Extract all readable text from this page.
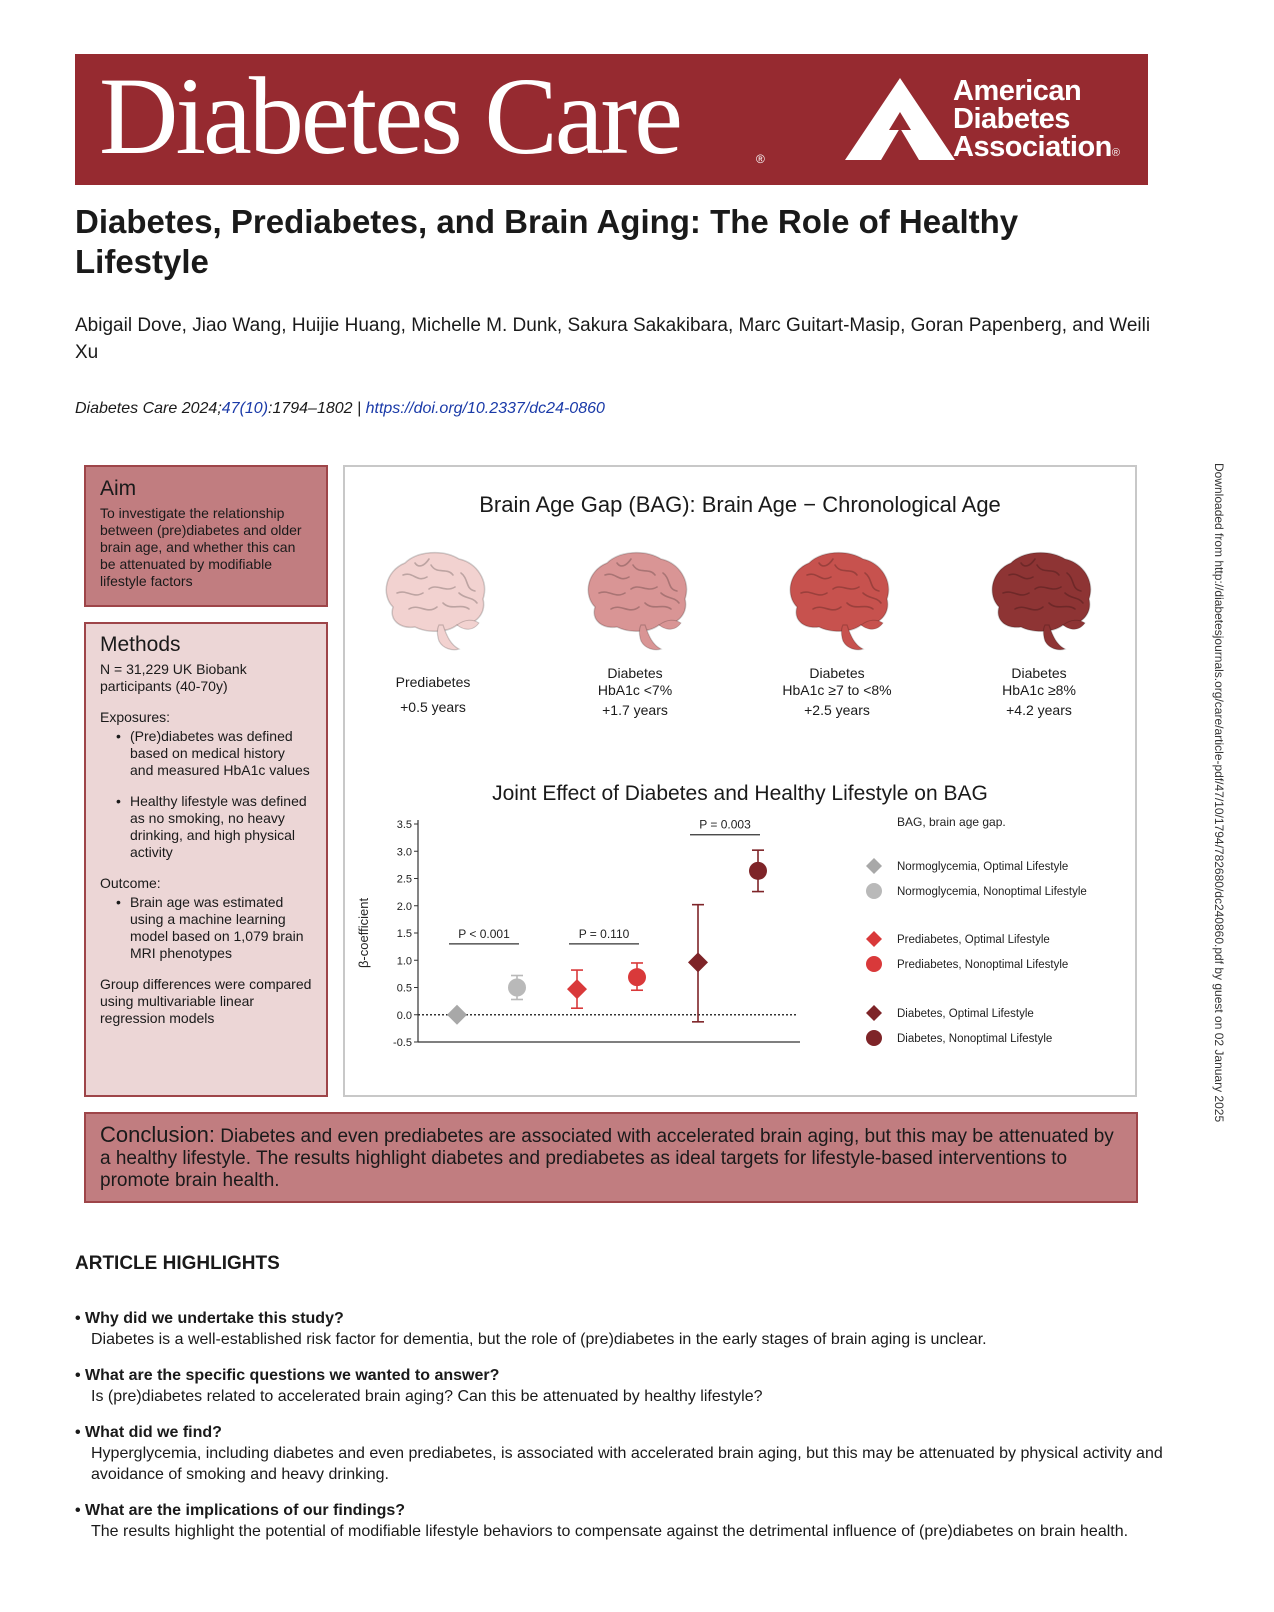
Diabetes Care	®
American
Diabetes
Association®
Diabetes, Prediabetes, and Brain Aging: The Role of Healthy Lifestyle
Abigail Dove, Jiao Wang, Huijie Huang, Michelle M. Dunk, Sakura Sakakibara, Marc Guitart-Masip, Goran Papenberg, and Weili Xu
Diabetes Care 2024;47(10):1794–1802 | https://doi.org/10.2337/dc24-0860
Downloaded from http://diabetesjournals.org/care/article-pdf/47/10/1794/782680/dc240860.pdf by guest on 02 January 2025
Aim
To investigate the relationship between (pre)diabetes and older brain age, and whether this can be attenuated by modifiable lifestyle factors
Methods

N = 31,229 UK Biobank participants (40-70y)

Exposures:
• (Pre)diabetes was defined based on medical history and measured HbA1c values
• Healthy lifestyle was defined as no smoking, no heavy drinking, and high physical activity
Outcome:
• Brain age was estimated using a machine learning model based on 1,079 brain MRI phenotypes

Group differences were compared using multivariable linear regression models

Brain Age Gap (BAG): Brain Age − Chronological Age
Prediabetes
+0.5 years
Diabetes
HbA1c <7%
+1.7 years
Diabetes
HbA1c ≥7 to <8%
+2.5 years
Diabetes
HbA1c ≥8%
+4.2 years
Joint Effect of Diabetes and Healthy Lifestyle on BAG
3.5
3.0
2.5
2.0
1.5
1.0
0.5
0.0
-0.5
β-coefficient	P < 0.001	P = 0.110
P = 0.003	BAG, brain age gap.
Normoglycemia, Optimal Lifestyle
Normoglycemia, Nonoptimal Lifestyle
Prediabetes, Optimal Lifestyle
Prediabetes, Nonoptimal Lifestyle
Diabetes, Optimal Lifestyle
Diabetes, Nonoptimal Lifestyle
Conclusion: Diabetes and even prediabetes are associated with accelerated brain aging, but this may be attenuated by a healthy lifestyle. The results highlight diabetes and prediabetes as ideal targets for lifestyle-based interventions to promote brain health.
ARTICLE HIGHLIGHTS
• Why did we undertake this study?
Diabetes is a well-established risk factor for dementia, but the role of (pre)diabetes in the early stages of brain aging is unclear.
• What are the specific questions we wanted to answer?
Is (pre)diabetes related to accelerated brain aging? Can this be attenuated by healthy lifestyle?
• What did we find?
Hyperglycemia, including diabetes and even prediabetes, is associated with accelerated brain aging, but this may be attenuated by physical activity and avoidance of smoking and heavy drinking.
• What are the implications of our findings?
The results highlight the potential of modifiable lifestyle behaviors to compensate against the detrimental influence of (pre)diabetes on brain health.
